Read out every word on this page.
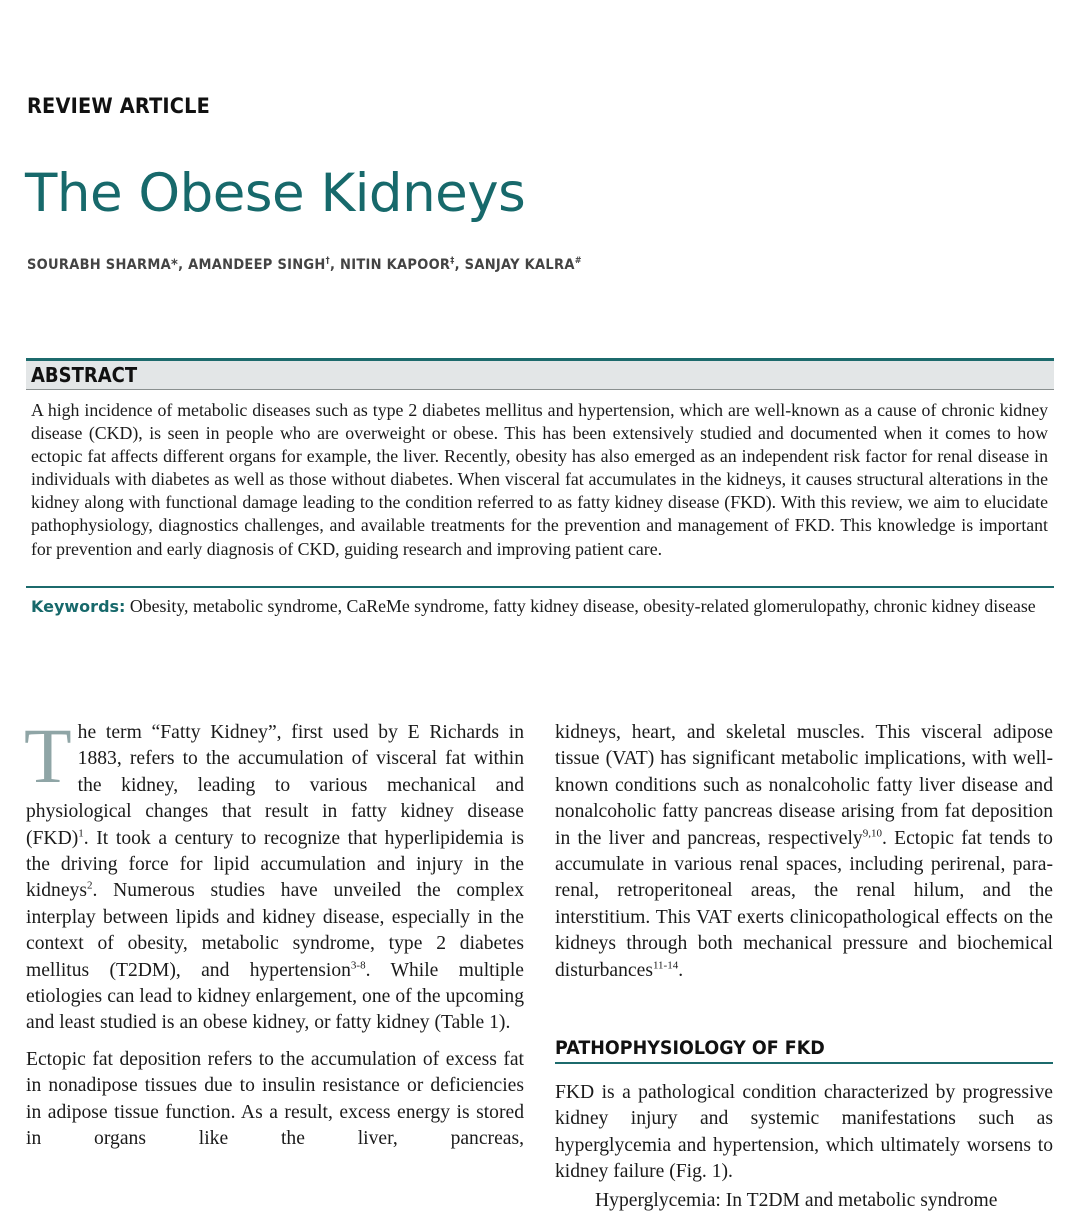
REVIEW ARTICLE
The Obese Kidneys
SOURABH SHARMA*, AMANDEEP SINGH†, NITIN KAPOOR‡, SANJAY KALRA#
ABSTRACT
A high incidence of metabolic diseases such as type 2 diabetes mellitus and hypertension, which are well-known as a cause of chronic kidney disease (CKD), is seen in people who are overweight or obese. This has been extensively studied and documented when it comes to how ectopic fat affects different organs for example, the liver. Recently, obesity has also emerged as an independent risk factor for renal disease in individuals with diabetes as well as those without diabetes. When visceral fat accumulates in the kidneys, it causes structural alterations in the kidney along with functional damage leading to the condition referred to as fatty kidney disease (FKD). With this review, we aim to elucidate pathophysiology, diagnostics challenges, and available treatments for the prevention and management of FKD. This knowledge is important for prevention and early diagnosis of CKD, guiding research and improving patient care.
Keywords: Obesity, metabolic syndrome, CaReMe syndrome, fatty kidney disease, obesity-related glomerulopathy, chronic kidney disease

The term “Fatty Kidney”, first used by E Richards in 1883, refers to the accumulation of visceral fat within the kidney, leading to various mechanical and physiological changes that result in fatty kidney disease (FKD)$^1$. It took a century to recognize that hyperlipidemia is the driving force for lipid accumulation and injury in the kidneys$^2$. Numerous studies have unveiled the complex interplay between lipids and kidney disease, especially in the context of obesity, metabolic syndrome, type 2 diabetes mellitus (T2DM), and hypertension$^{3-8}$. While multiple etiologies can lead to kidney enlargement, one of the upcoming and least studied is an obese kidney, or fatty kidney (Table 1).

Ectopic fat deposition refers to the accumulation of excess fat in nonadipose tissues due to insulin resistance or deficiencies in adipose tissue function. As a result, excess energy is stored in organs like the liver, pancreas,

kidneys, heart, and skeletal muscles. This visceral adipose tissue (VAT) has significant metabolic implications, with well-known conditions such as nonalcoholic fatty liver disease and nonalcoholic fatty pancreas disease arising from fat deposition in the liver and pancreas, respectively$^{9,10}$. Ectopic fat tends to accumulate in various renal spaces, including perirenal, pararenal, retroperitoneal areas, the renal hilum, and the interstitium. This VAT exerts clinicopathological effects on the kidneys through both mechanical pressure and biochemical disturbances$^{11-14}$.

PATHOPHYSIOLOGY OF FKD

FKD is a pathological condition characterized by progressive kidney injury and systemic manifestations such as hyperglycemia and hypertension, which ultimately worsens to kidney failure (Fig. 1).

Hyperglycemia: In T2DM and metabolic syndrome
